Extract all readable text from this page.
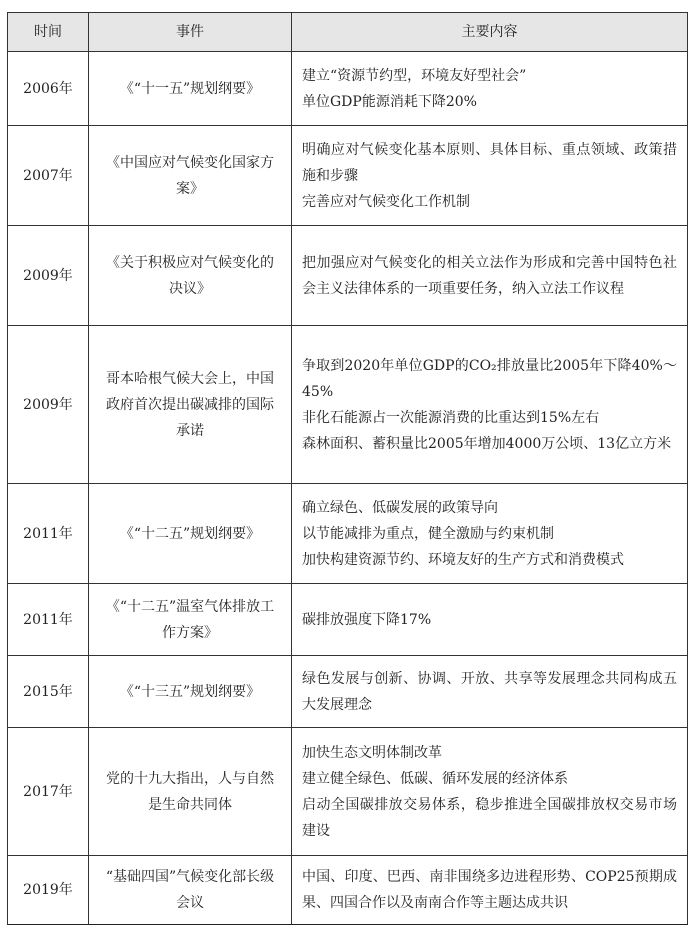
时间	事件	主要内容
2006年	《“十一五”规划纲要》	建立“资源节约型，环境友好型社会”
单位GDP能源消耗下降20%

2007年	《中国应对气候变化国家方案》	明确应对气候变化基本原则、具体目标、重点领域、政策措施和步骤
完善应对气候变化工作机制

2009年	《关于积极应对气候变化的决议》	把加强应对气候变化的相关立法作为形成和完善中国特色社会主义法律体系的一项重要任务，纳入立法工作议程

2009年	哥本哈根气候大会上，中国政府首次提出碳减排的国际承诺	争取到2020年单位GDP的CO₂排放量比2005年下降40%～45%
非化石能源占一次能源消费的比重达到15%左右
森林面积、蓄积量比2005年增加4000万公顷、13亿立方米

2011年	《“十二五”规划纲要》	确立绿色、低碳发展的政策导向
以节能减排为重点，健全激励与约束机制
加快构建资源节约、环境友好的生产方式和消费模式

2011年	《“十二五”温室气体排放工作方案》	碳排放强度下降17%

2015年	《“十三五”规划纲要》	绿色发展与创新、协调、开放、共享等发展理念共同构成五大发展理念

2017年	党的十九大指出，人与自然是生命共同体	加快生态文明体制改革
建立健全绿色、低碳、循环发展的经济体系
启动全国碳排放交易体系，稳步推进全国碳排放权交易市场建设

2019年	“基础四国”气候变化部长级会议	中国、印度、巴西、南非围绕多边进程形势、COP25预期成果、四国合作以及南南合作等主题达成共识
